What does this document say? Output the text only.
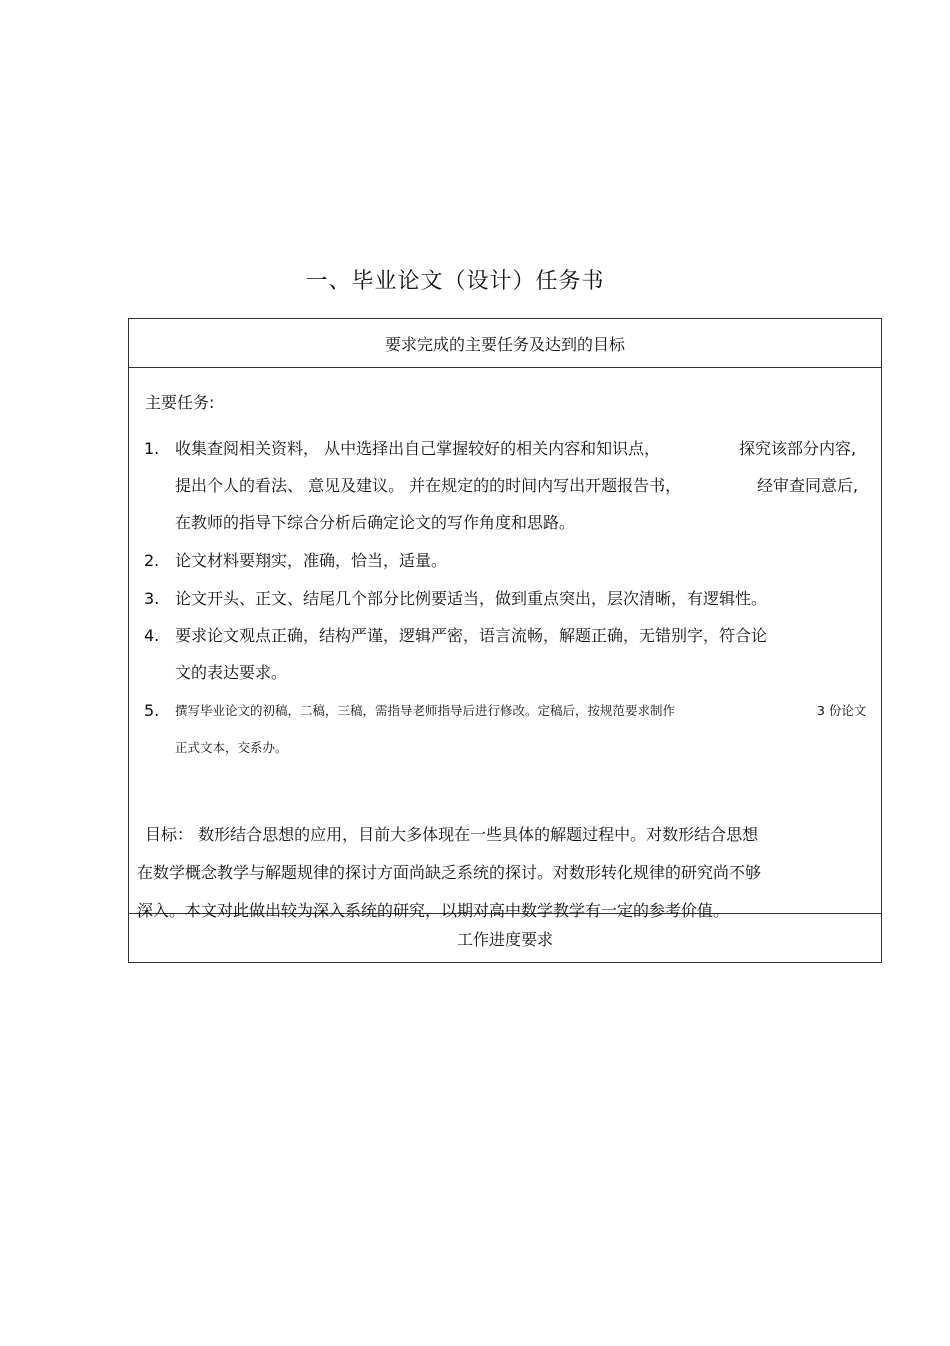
一、毕业论文（设计）任务书
要求完成的主要任务及达到的目标

主要任务:
1. 收集查阅相关资料， 从中选择出自己掌握较好的相关内容和知识点，
提出个人的看法、 意见及建议。 并在规定的的时间内写出开题报告书，
在教师的指导下综合分析后确定论文的写作角度和思路。
探究该部分内容,
经审查同意后,
2. 论文材料要翔实，准确，恰当，适量。
3. 论文开头、正文、结尾几个部分比例要适当，做到重点突出，层次清晰，有逻辑性。
4. 要求论文观点正确，结构严谨，逻辑严密，语言流畅，解题正确，无错别字，符合论
文的表达要求。
5.	撰写毕业论文的初稿，二稿，三稿，需指导老师指导后进行修改。定稿后，按规范要求制作
正式文本，交系办。
3 份论文
目标： 数形结合思想的应用，目前大多体现在一些具体的解题过程中。对数形结合思想
在数学概念教学与解题规律的探讨方面尚缺乏系统的探讨。对数形转化规律的研究尚不够
深入。本文对此做出较为深入系统的研究，以期对高中数学教学有一定的参考价值。

工作进度要求
